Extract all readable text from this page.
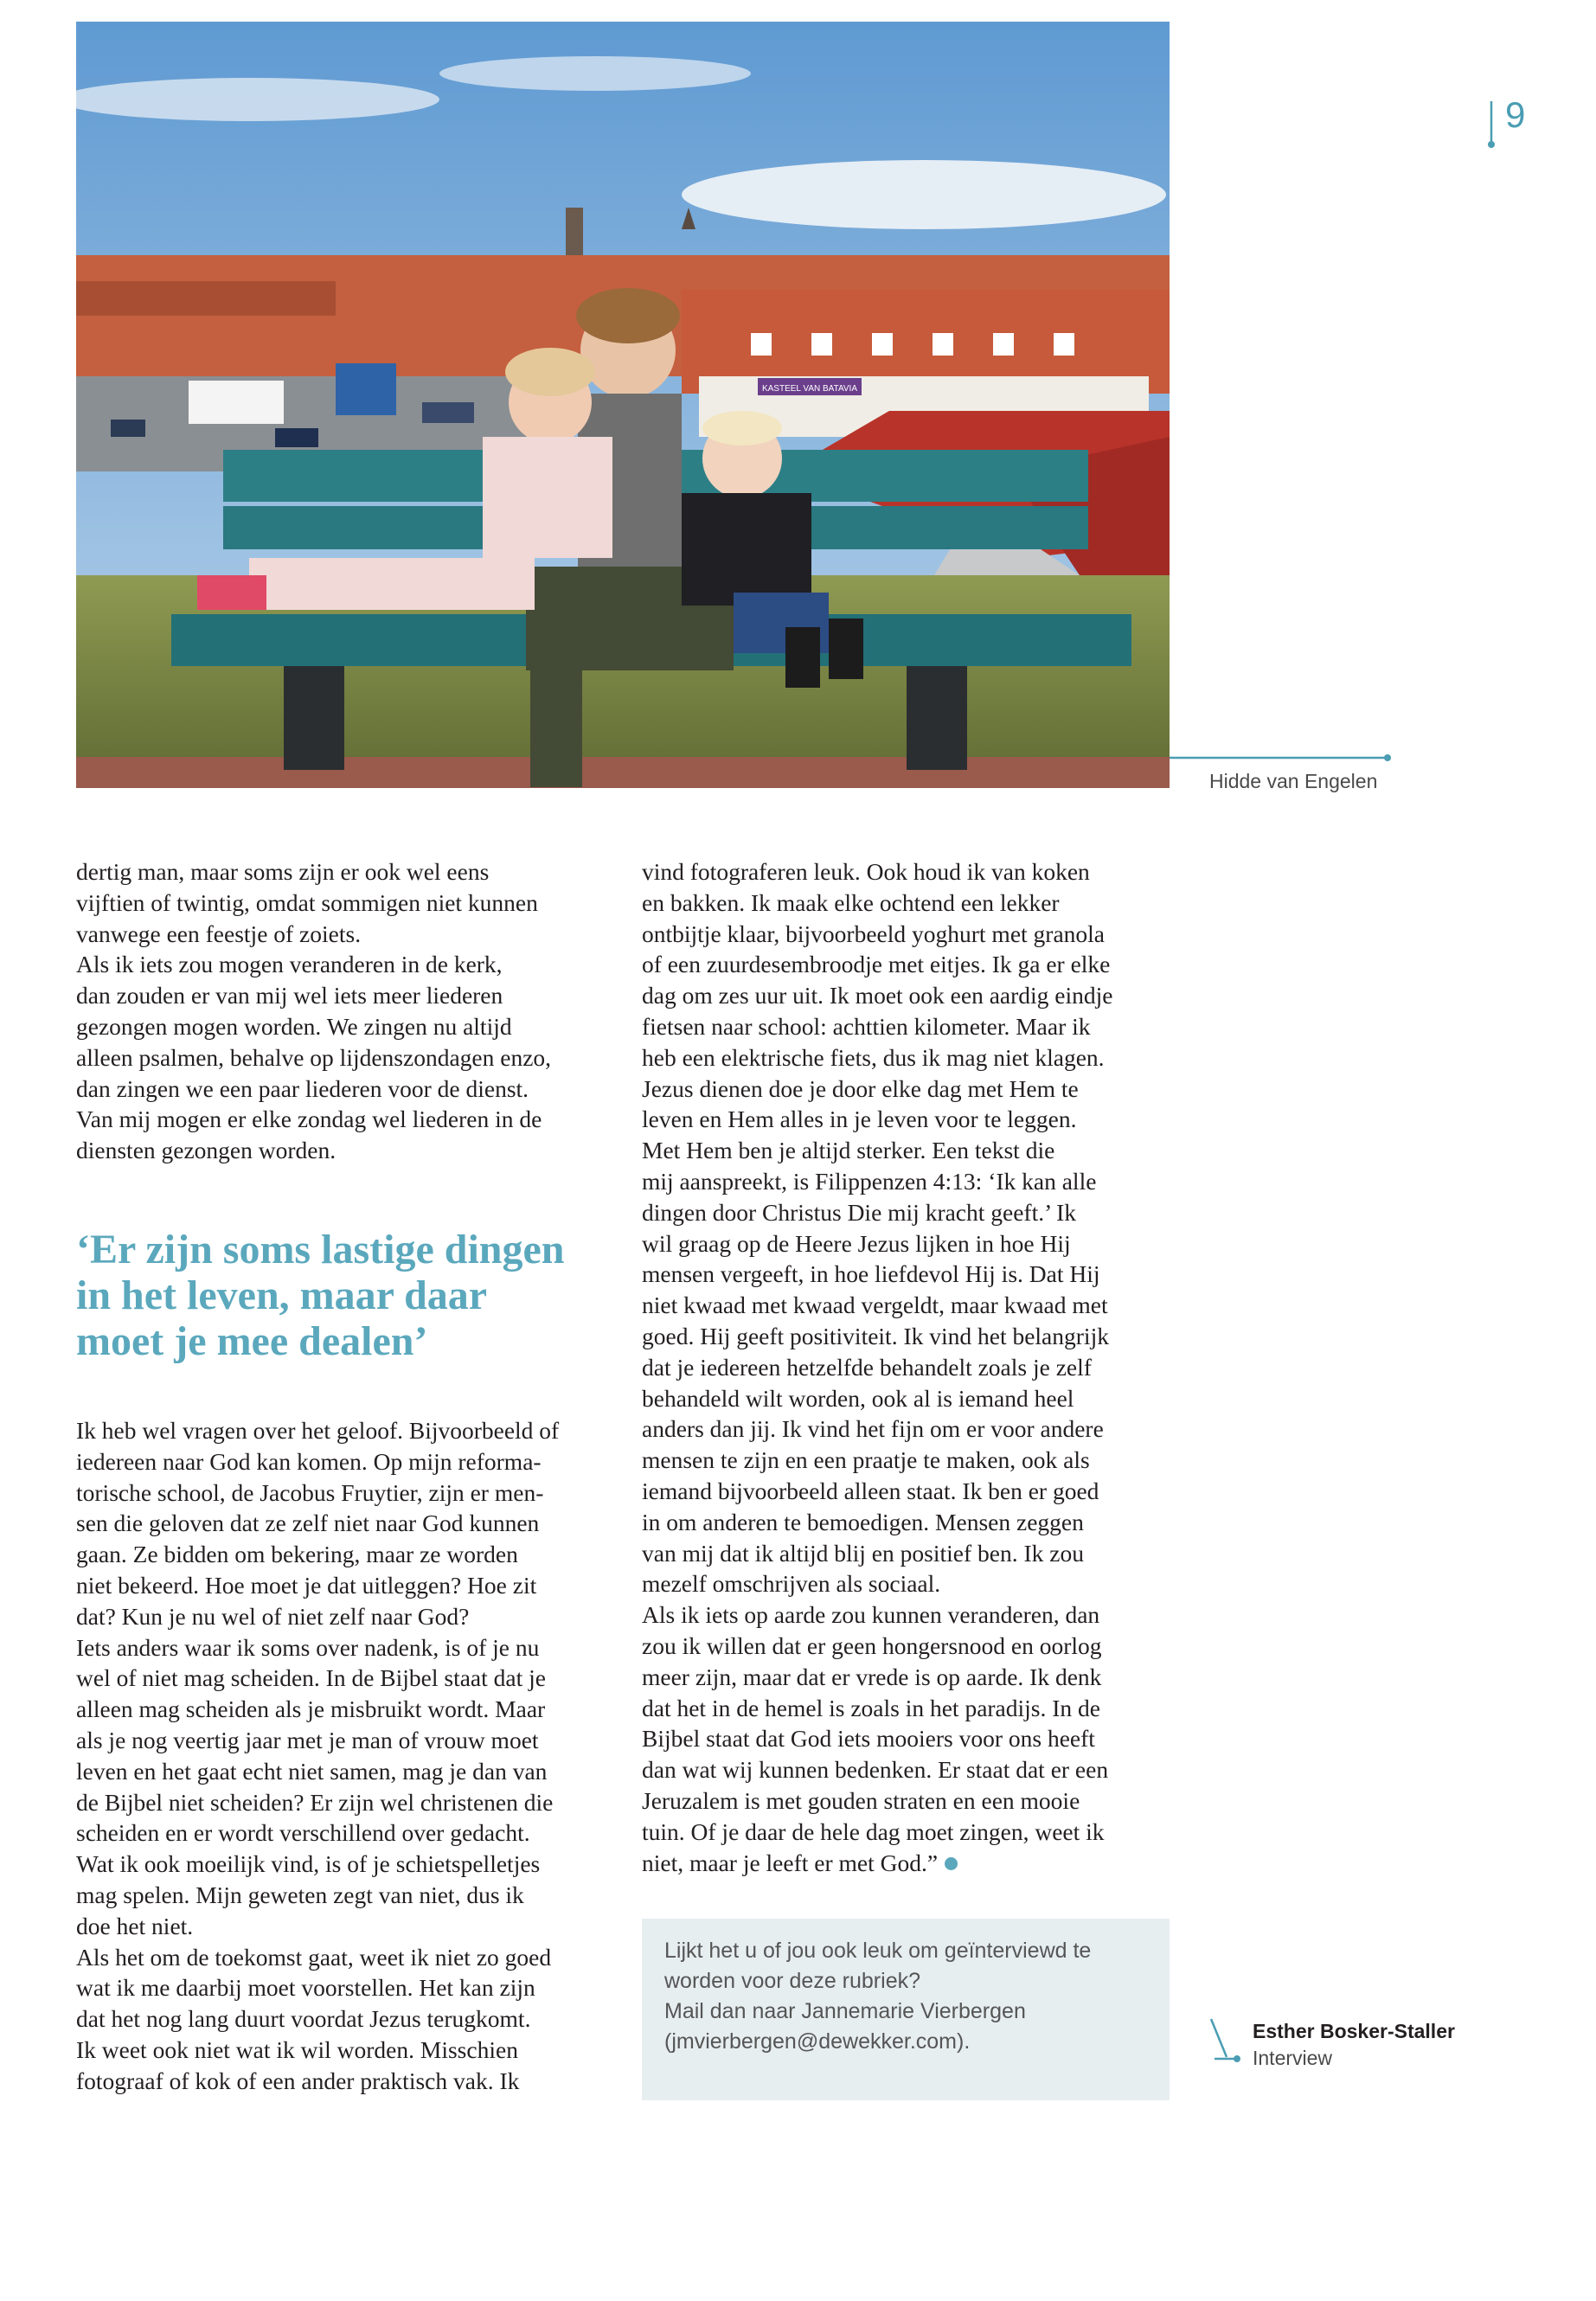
KASTEEL VAN BATAVIA
9
Hidde van Engelen

dertig man, maar soms zijn er ook wel eens

vijftien of twintig, omdat sommigen niet kunnen

vanwege een feestje of zoiets.

Als ik iets zou mogen veranderen in de kerk,

dan zouden er van mij wel iets meer liederen

gezongen mogen worden. We zingen nu altijd

alleen psalmen, behalve op lijdenszondagen enzo,

dan zingen we een paar liederen voor de dienst.

Van mij mogen er elke zondag wel liederen in de

diensten gezongen worden.

‘Er zijn soms lastige dingen
in het leven, maar daar
moet je mee dealen’

Ik heb wel vragen over het geloof. Bijvoorbeeld of

iedereen naar God kan komen. Op mijn reforma-

torische school, de Jacobus Fruytier, zijn er men-

sen die geloven dat ze zelf niet naar God kunnen

gaan. Ze bidden om bekering, maar ze worden

niet bekeerd. Hoe moet je dat uitleggen? Hoe zit

dat? Kun je nu wel of niet zelf naar God?

Iets anders waar ik soms over nadenk, is of je nu

wel of niet mag scheiden. In de Bijbel staat dat je

alleen mag scheiden als je misbruikt wordt. Maar

als je nog veertig jaar met je man of vrouw moet

leven en het gaat echt niet samen, mag je dan van

de Bijbel niet scheiden? Er zijn wel christenen die

scheiden en er wordt verschillend over gedacht.

Wat ik ook moeilijk vind, is of je schietspelletjes

mag spelen. Mijn geweten zegt van niet, dus ik

doe het niet.

Als het om de toekomst gaat, weet ik niet zo goed

wat ik me daarbij moet voorstellen. Het kan zijn

dat het nog lang duurt voordat Jezus terugkomt.

Ik weet ook niet wat ik wil worden. Misschien

fotograaf of kok of een ander praktisch vak. Ik

vind fotograferen leuk. Ook houd ik van koken

en bakken. Ik maak elke ochtend een lekker

ontbijtje klaar, bijvoorbeeld yoghurt met granola

of een zuurdesembroodje met eitjes. Ik ga er elke

dag om zes uur uit. Ik moet ook een aardig eindje

fietsen naar school: achttien kilometer. Maar ik

heb een elektrische fiets, dus ik mag niet klagen.

Jezus dienen doe je door elke dag met Hem te

leven en Hem alles in je leven voor te leggen.

Met Hem ben je altijd sterker. Een tekst die

mij aanspreekt, is Filippenzen 4:13: ‘Ik kan alle

dingen door Christus Die mij kracht geeft.’ Ik

wil graag op de Heere Jezus lijken in hoe Hij

mensen vergeeft, in hoe liefdevol Hij is. Dat Hij

niet kwaad met kwaad vergeldt, maar kwaad met

goed. Hij geeft positiviteit. Ik vind het belangrijk

dat je iedereen hetzelfde behandelt zoals je zelf

behandeld wilt worden, ook al is iemand heel

anders dan jij. Ik vind het fijn om er voor andere

mensen te zijn en een praatje te maken, ook als

iemand bijvoorbeeld alleen staat. Ik ben er goed

in om anderen te bemoedigen. Mensen zeggen

van mij dat ik altijd blij en positief ben. Ik zou

mezelf omschrijven als sociaal.

Als ik iets op aarde zou kunnen veranderen, dan

zou ik willen dat er geen hongersnood en oorlog

meer zijn, maar dat er vrede is op aarde. Ik denk

dat het in de hemel is zoals in het paradijs. In de

Bijbel staat dat God iets mooiers voor ons heeft

dan wat wij kunnen bedenken. Er staat dat er een

Jeruzalem is met gouden straten en een mooie

tuin. Of je daar de hele dag moet zingen, weet ik

niet, maar je leeft er met God.”

Lijkt het u of jou ook leuk om geïnterviewd te

worden voor deze rubriek?

Mail dan naar Jannemarie Vierbergen

(jmvierbergen@dewekker.com).	Esther Bosker-Staller
Interview
